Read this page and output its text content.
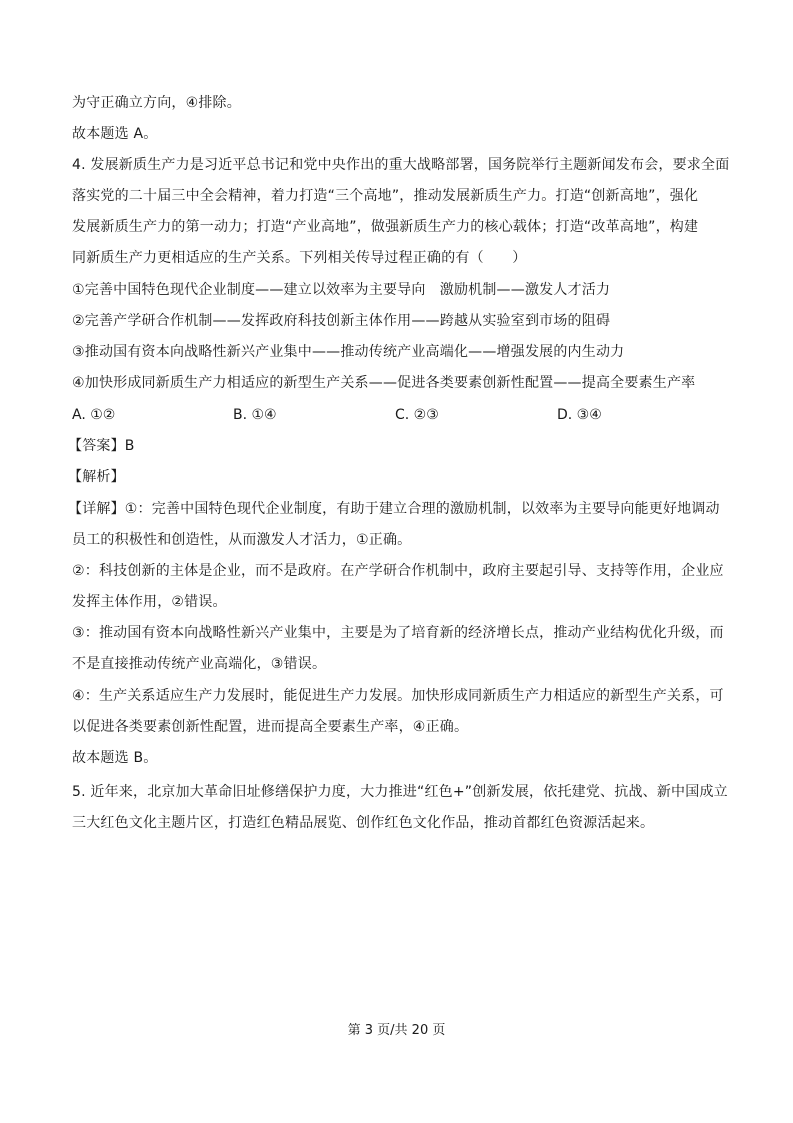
为守正确立方向，④排除。
故本题选 A。
4. 发展新质生产力是习近平总书记和党中央作出的重大战略部署，国务院举行主题新闻发布会，要求全面
落实党的二十届三中全会精神，着力打造“三个高地”，推动发展新质生产力。打造“创新高地”，强化
发展新质生产力的第一动力；打造“产业高地”，做强新质生产力的核心载体；打造“改革高地”，构建
同新质生产力更相适应的生产关系。下列相关传导过程正确的有（　　）
①完善中国特色现代企业制度——建立以效率为主要导向　激励机制——激发人才活力
②完善产学研合作机制——发挥政府科技创新主体作用——跨越从实验室到市场的阻碍
③推动国有资本向战略性新兴产业集中——推动传统产业高端化——增强发展的内生动力
④加快形成同新质生产力相适应的新型生产关系——促进各类要素创新性配置——提高全要素生产率
A. ①②	B. ①④	C. ②③	D. ③④
【答案】B
【解析】
【详解】①：完善中国特色现代企业制度，有助于建立合理的激励机制，以效率为主要导向能更好地调动
员工的积极性和创造性，从而激发人才活力，①正确。
②：科技创新的主体是企业，而不是政府。在产学研合作机制中，政府主要起引导、支持等作用，企业应
发挥主体作用，②错误。
③：推动国有资本向战略性新兴产业集中，主要是为了培育新的经济增长点，推动产业结构优化升级，而
不是直接推动传统产业高端化，③错误。
④：生产关系适应生产力发展时，能促进生产力发展。加快形成同新质生产力相适应的新型生产关系，可
以促进各类要素创新性配置，进而提高全要素生产率，④正确。
故本题选 B。
5. 近年来，北京加大革命旧址修缮保护力度，大力推进“红色+”创新发展，依托建党、抗战、新中国成立
三大红色文化主题片区，打造红色精品展览、创作红色文化作品，推动首都红色资源活起来。
第 3 页/共 20 页
